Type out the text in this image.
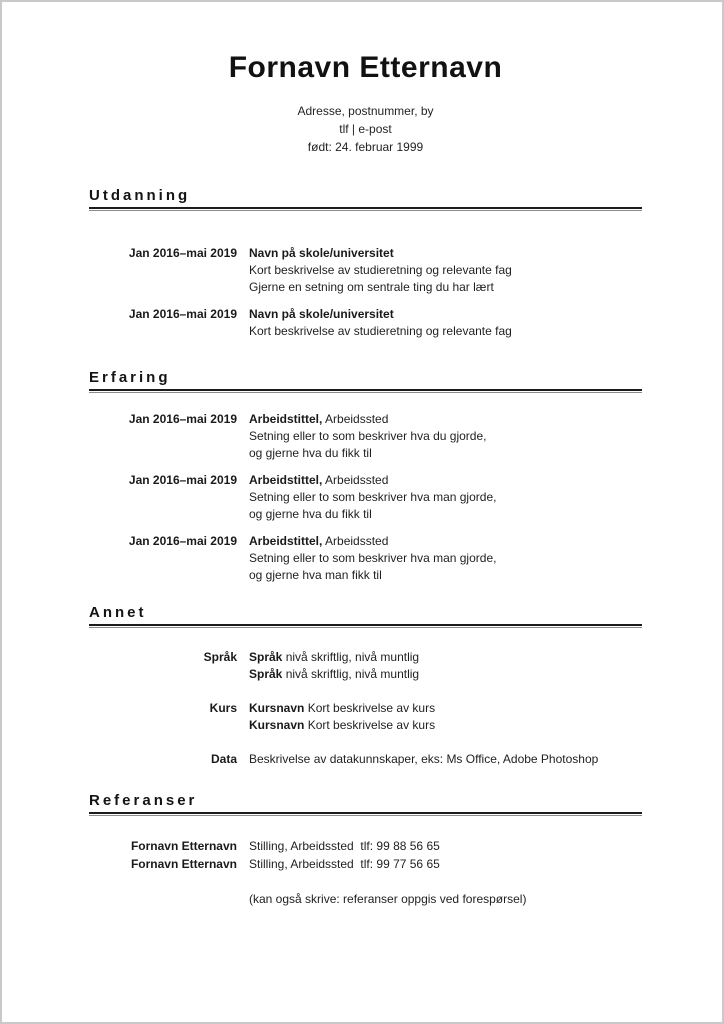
Fornavn Etternavn
Adresse, postnummer, by
tlf | e-post
født: 24. februar 1999
Utdanning
Jan 2016–mai 2019 Navn på skole/universitet
Kort beskrivelse av studieretning og relevante fag
Gjerne en setning om sentrale ting du har lært
Jan 2016–mai 2019 Navn på skole/universitet
Kort beskrivelse av studieretning og relevante fag
Erfaring
Jan 2016–mai 2019 Arbeidstittel, Arbeidssted
Setning eller to som beskriver hva du gjorde,
og gjerne hva du fikk til
Jan 2016–mai 2019 Arbeidstittel, Arbeidssted
Setning eller to som beskriver hva man gjorde,
og gjerne hva du fikk til
Jan 2016–mai 2019 Arbeidstittel, Arbeidssted
Setning eller to som beskriver hva man gjorde,
og gjerne hva man fikk til
Annet
Språk Språk nivå skriftlig, nivå muntlig
Språk nivå skriftlig, nivå muntlig
Kurs Kursnavn Kort beskrivelse av kurs
Kursnavn Kort beskrivelse av kurs
Data Beskrivelse av datakunnskaper, eks: Ms Office, Adobe Photoshop
Referanser
Fornavn Etternavn Stilling, Arbeidssted  tlf: 99 88 56 65
Fornavn Etternavn Stilling, Arbeidssted  tlf: 99 77 56 65
(kan også skrive: referanser oppgis ved forespørsel)
